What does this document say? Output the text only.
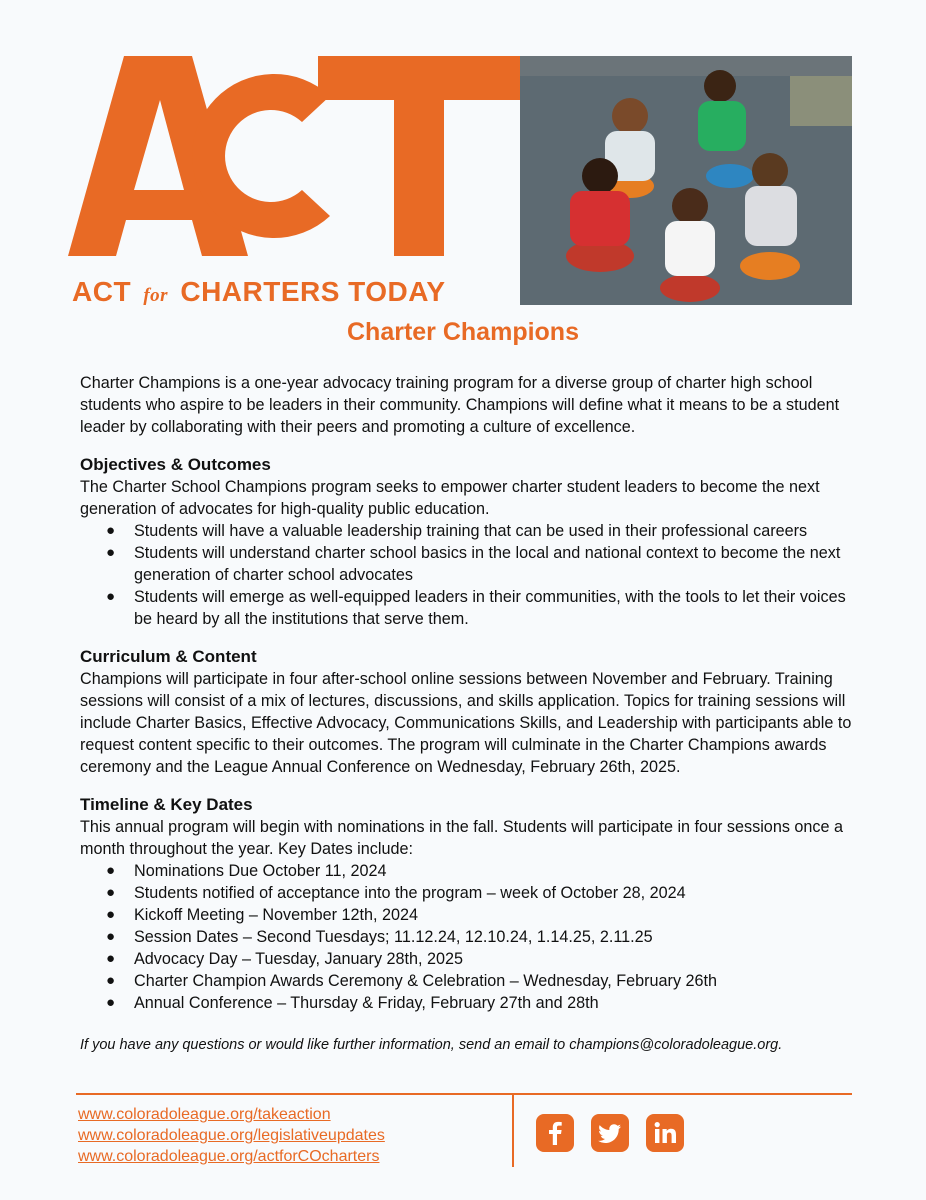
ACT for CHARTERS TODAY
Charter Champions

Charter Champions is a one-year advocacy training program for a diverse group of charter high school students who aspire to be leaders in their community. Champions will define what it means to be a student leader by collaborating with their peers and promoting a culture of excellence.

Objectives & Outcomes

The Charter School Champions program seeks to empower charter student leaders to become the next generation of advocates for high-quality public education.

● Students will have a valuable leadership training that can be used in their professional careers
● Students will understand charter school basics in the local and national context to become the next generation of charter school advocates
● Students will emerge as well-equipped leaders in their communities, with the tools to let their voices be heard by all the institutions that serve them.
Curriculum & Content

Champions will participate in four after-school online sessions between November and February. Training sessions will consist of a mix of lectures, discussions, and skills application. Topics for training sessions will include Charter Basics, Effective Advocacy, Communications Skills, and Leadership with participants able to request content specific to their outcomes. The program will culminate in the Charter Champions awards ceremony and the League Annual Conference on Wednesday, February 26th, 2025.

Timeline & Key Dates

This annual program will begin with nominations in the fall. Students will participate in four sessions once a month throughout the year. Key Dates include:

● Nominations Due October 11, 2024
● Students notified of acceptance into the program – week of October 28, 2024
● Kickoff Meeting – November 12th, 2024
● Session Dates – Second Tuesdays; 11.12.24, 12.10.24, 1.14.25, 2.11.25
● Advocacy Day – Tuesday, January 28th, 2025
● Charter Champion Awards Ceremony & Celebration – Wednesday, February 26th
● Annual Conference – Thursday & Friday, February 27th and 28th

If you have any questions or would like further information, send an email to champions@coloradoleague.org.

www.coloradoleague.org/takeaction
www.coloradoleague.org/legislativeupdates
www.coloradoleague.org/actforCOcharters
